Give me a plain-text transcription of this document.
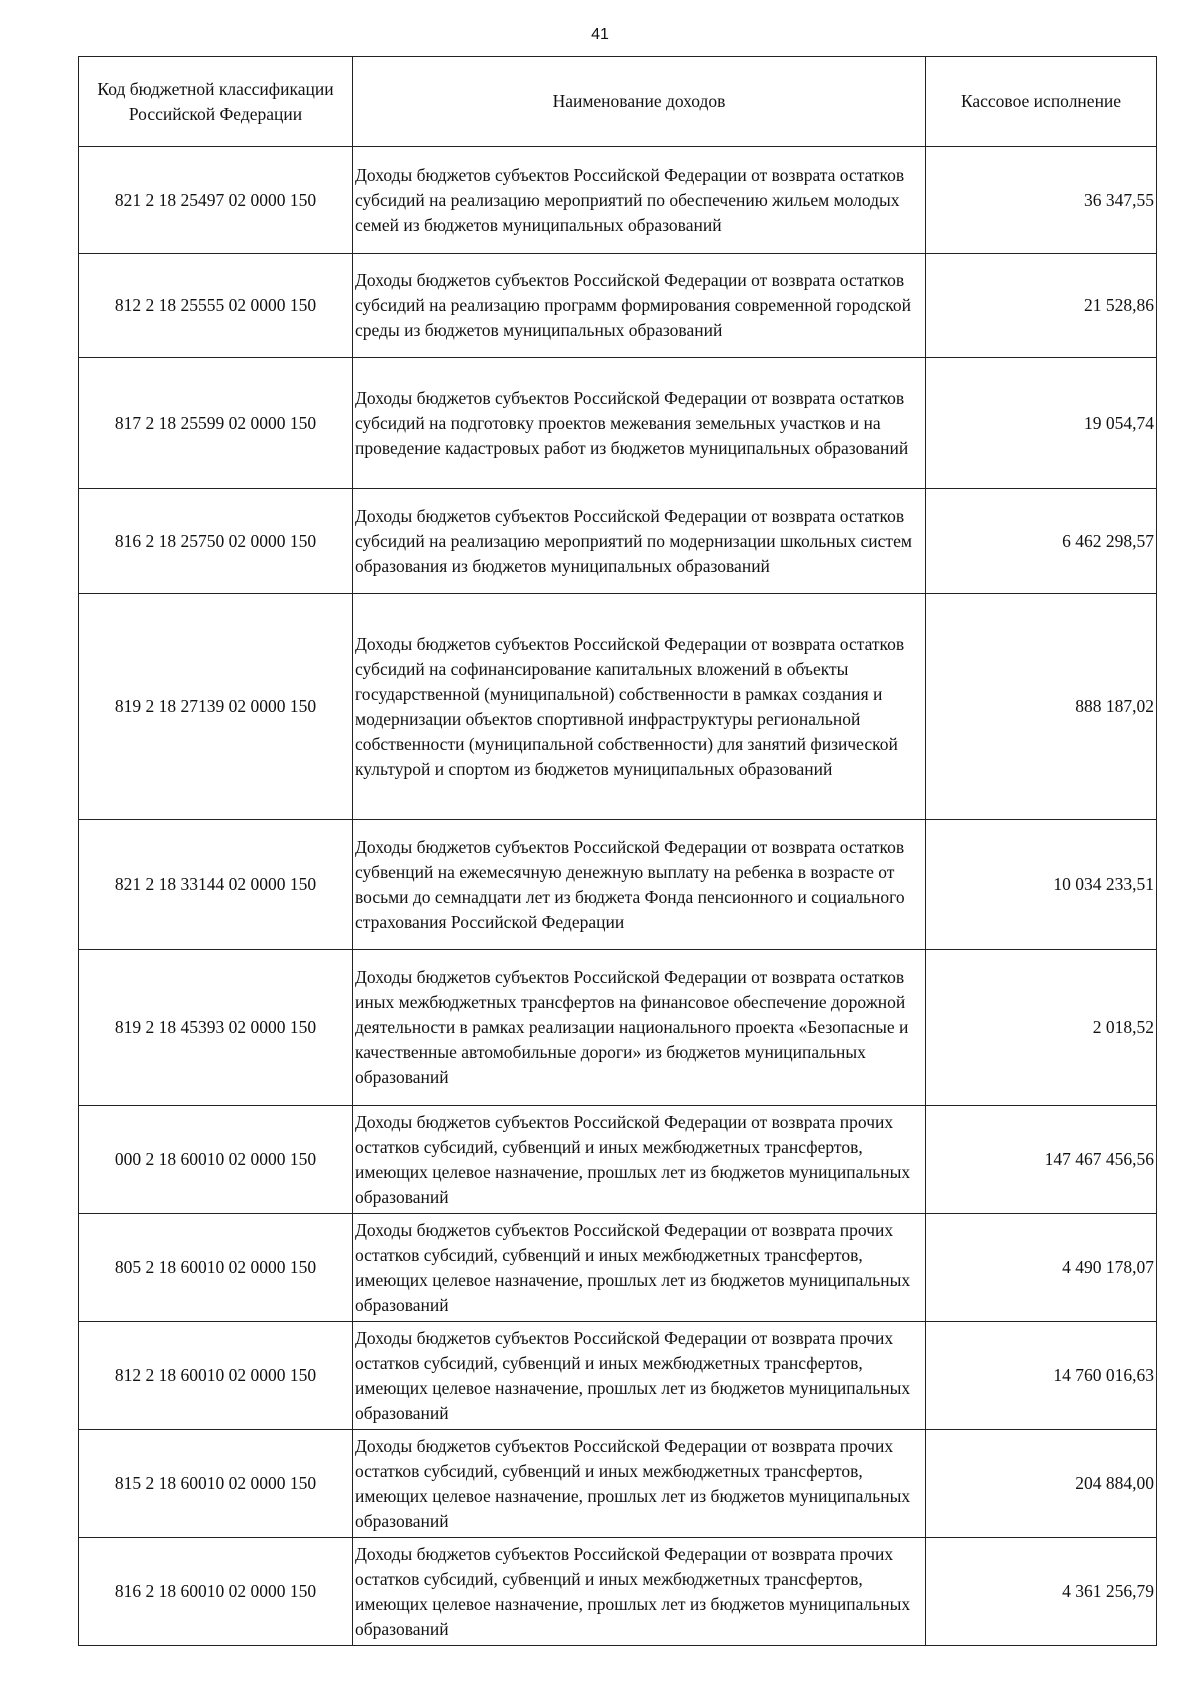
41
Код бюджетной классификации Российской Федерации	Наименование доходов	Кассовое исполнение
821 2 18 25497 02 0000 150	Доходы бюджетов субъектов Российской Федерации от возврата остатков субсидий на реализацию мероприятий по обеспечению жильем молодых семей из бюджетов муниципальных образований	36 347,55
812 2 18 25555 02 0000 150	Доходы бюджетов субъектов Российской Федерации от возврата остатков субсидий на реализацию программ формирования современной городской среды из бюджетов муниципальных образований	21 528,86
817 2 18 25599 02 0000 150	Доходы бюджетов субъектов Российской Федерации от возврата остатков субсидий на подготовку проектов межевания земельных участков и на проведение кадастровых работ из бюджетов муниципальных образований	19 054,74
816 2 18 25750 02 0000 150	Доходы бюджетов субъектов Российской Федерации от возврата остатков субсидий на реализацию мероприятий по модернизации школьных систем образования из бюджетов муниципальных образований	6 462 298,57
819 2 18 27139 02 0000 150	Доходы бюджетов субъектов Российской Федерации от возврата остатков субсидий на софинансирование капитальных вложений в объекты государственной (муниципальной) собственности в рамках создания и модернизации объектов спортивной инфраструктуры региональной собственности (муниципальной собственности) для занятий физической культурой и спортом из бюджетов муниципальных образований	888 187,02
821 2 18 33144 02 0000 150	Доходы бюджетов субъектов Российской Федерации от возврата остатков субвенций на ежемесячную денежную выплату на ребенка в возрасте от восьми до семнадцати лет из бюджета Фонда пенсионного и социального страхования Российской Федерации	10 034 233,51
819 2 18 45393 02 0000 150	Доходы бюджетов субъектов Российской Федерации от возврата остатков иных межбюджетных трансфертов на финансовое обеспечение дорожной деятельности в рамках реализации национального проекта «Безопасные и качественные автомобильные дороги» из бюджетов муниципальных образований	2 018,52
000 2 18 60010 02 0000 150	Доходы бюджетов субъектов Российской Федерации от возврата прочих остатков субсидий, субвенций и иных межбюджетных трансфертов, имеющих целевое назначение, прошлых лет из бюджетов муниципальных образований	147 467 456,56
805 2 18 60010 02 0000 150	Доходы бюджетов субъектов Российской Федерации от возврата прочих остатков субсидий, субвенций и иных межбюджетных трансфертов, имеющих целевое назначение, прошлых лет из бюджетов муниципальных образований	4 490 178,07
812 2 18 60010 02 0000 150	Доходы бюджетов субъектов Российской Федерации от возврата прочих остатков субсидий, субвенций и иных межбюджетных трансфертов, имеющих целевое назначение, прошлых лет из бюджетов муниципальных образований	14 760 016,63
815 2 18 60010 02 0000 150	Доходы бюджетов субъектов Российской Федерации от возврата прочих остатков субсидий, субвенций и иных межбюджетных трансфертов, имеющих целевое назначение, прошлых лет из бюджетов муниципальных образований	204 884,00
816 2 18 60010 02 0000 150	Доходы бюджетов субъектов Российской Федерации от возврата прочих остатков субсидий, субвенций и иных межбюджетных трансфертов, имеющих целевое назначение, прошлых лет из бюджетов муниципальных образований	4 361 256,79
